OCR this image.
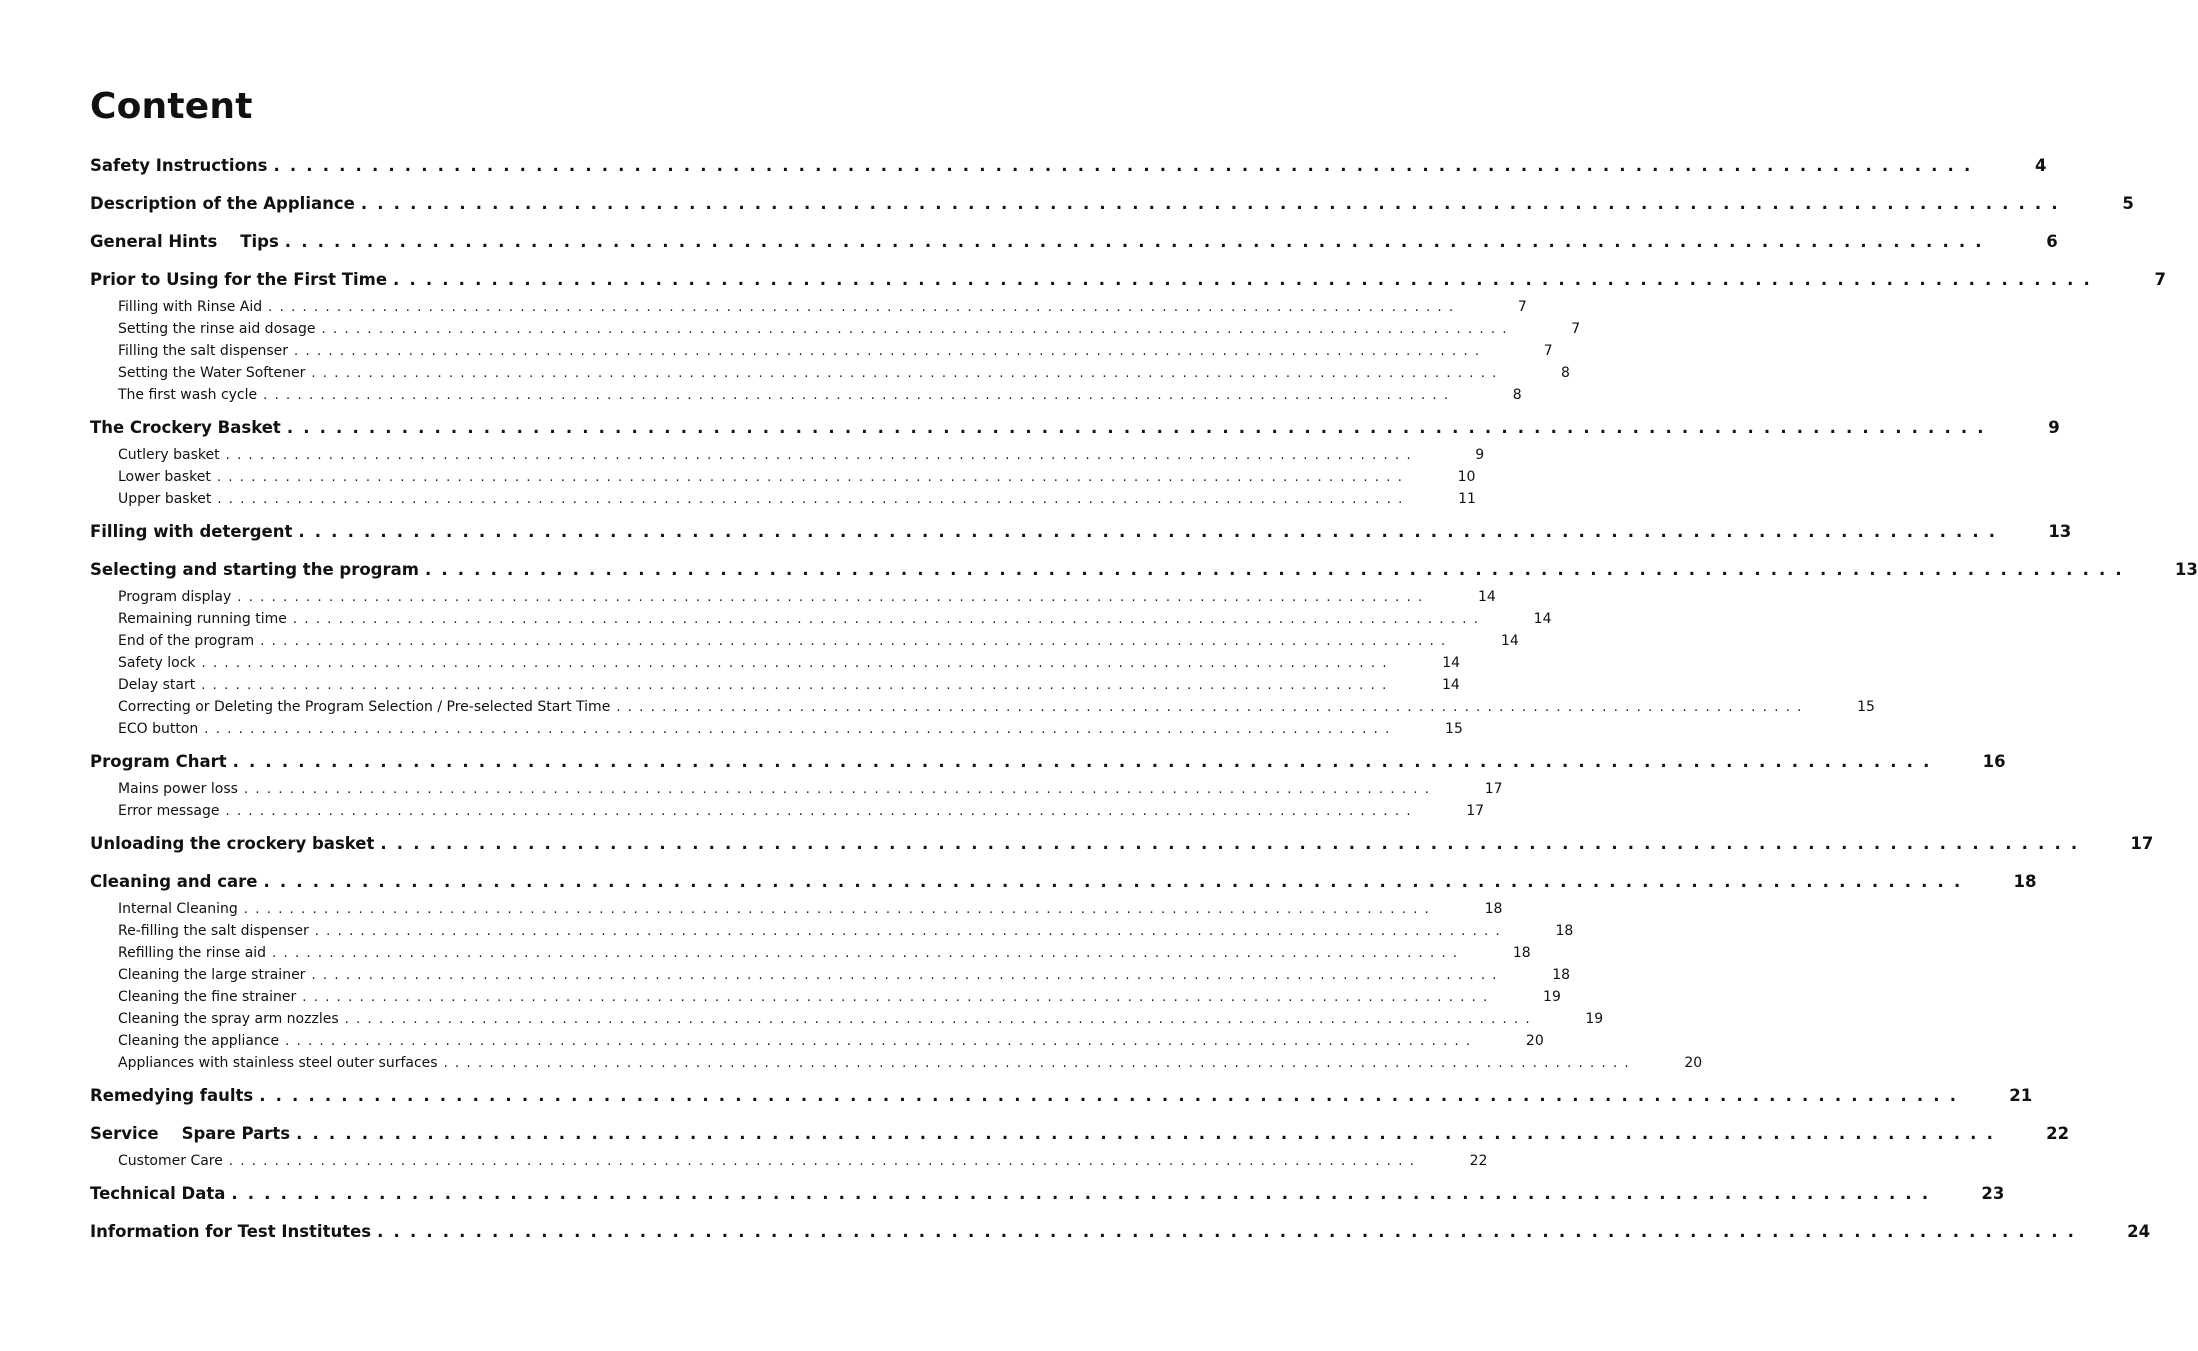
Content
Safety Instructions . . . . . . . . . . . . . . . . . . . . . . . . . . . . . . . . . . . . . . . . . . . . . . . . . . . . . . . . . . . . . . . . . . . . . . . . . . . . . . . . . . . . . . . . . . . . . . . . . . . . . . . .	4
Description of the Appliance . . . . . . . . . . . . . . . . . . . . . . . . . . . . . . . . . . . . . . . . . . . . . . . . . . . . . . . . . . . . . . . . . . . . . . . . . . . . . . . . . . . . . . . . . . . . . . . . . . . . . . . .	5
General Hints    Tips . . . . . . . . . . . . . . . . . . . . . . . . . . . . . . . . . . . . . . . . . . . . . . . . . . . . . . . . . . . . . . . . . . . . . . . . . . . . . . . . . . . . . . . . . . . . . . . . . . . . . . . .	6
Prior to Using for the First Time . . . . . . . . . . . . . . . . . . . . . . . . . . . . . . . . . . . . . . . . . . . . . . . . . . . . . . . . . . . . . . . . . . . . . . . . . . . . . . . . . . . . . . . . . . . . . . . . . . . . . . . .	7
Filling with Rinse Aid . . . . . . . . . . . . . . . . . . . . . . . . . . . . . . . . . . . . . . . . . . . . . . . . . . . . . . . . . . . . . . . . . . . . . . . . . . . . . . . . . . . . . . . . . . . . . . . . . . . . . . . .	7
Setting the rinse aid dosage . . . . . . . . . . . . . . . . . . . . . . . . . . . . . . . . . . . . . . . . . . . . . . . . . . . . . . . . . . . . . . . . . . . . . . . . . . . . . . . . . . . . . . . . . . . . . . . . . . . . . . . .	7
Filling the salt dispenser . . . . . . . . . . . . . . . . . . . . . . . . . . . . . . . . . . . . . . . . . . . . . . . . . . . . . . . . . . . . . . . . . . . . . . . . . . . . . . . . . . . . . . . . . . . . . . . . . . . . . . . .	7
Setting the Water Softener . . . . . . . . . . . . . . . . . . . . . . . . . . . . . . . . . . . . . . . . . . . . . . . . . . . . . . . . . . . . . . . . . . . . . . . . . . . . . . . . . . . . . . . . . . . . . . . . . . . . . . . .	8
The first wash cycle . . . . . . . . . . . . . . . . . . . . . . . . . . . . . . . . . . . . . . . . . . . . . . . . . . . . . . . . . . . . . . . . . . . . . . . . . . . . . . . . . . . . . . . . . . . . . . . . . . . . . . . .	8
The Crockery Basket . . . . . . . . . . . . . . . . . . . . . . . . . . . . . . . . . . . . . . . . . . . . . . . . . . . . . . . . . . . . . . . . . . . . . . . . . . . . . . . . . . . . . . . . . . . . . . . . . . . . . . . .	9
Cutlery basket . . . . . . . . . . . . . . . . . . . . . . . . . . . . . . . . . . . . . . . . . . . . . . . . . . . . . . . . . . . . . . . . . . . . . . . . . . . . . . . . . . . . . . . . . . . . . . . . . . . . . . . .	9
Lower basket . . . . . . . . . . . . . . . . . . . . . . . . . . . . . . . . . . . . . . . . . . . . . . . . . . . . . . . . . . . . . . . . . . . . . . . . . . . . . . . . . . . . . . . . . . . . . . . . . . . . . . . .	10
Upper basket . . . . . . . . . . . . . . . . . . . . . . . . . . . . . . . . . . . . . . . . . . . . . . . . . . . . . . . . . . . . . . . . . . . . . . . . . . . . . . . . . . . . . . . . . . . . . . . . . . . . . . . .	11
Filling with detergent . . . . . . . . . . . . . . . . . . . . . . . . . . . . . . . . . . . . . . . . . . . . . . . . . . . . . . . . . . . . . . . . . . . . . . . . . . . . . . . . . . . . . . . . . . . . . . . . . . . . . . . .	13
Selecting and starting the program . . . . . . . . . . . . . . . . . . . . . . . . . . . . . . . . . . . . . . . . . . . . . . . . . . . . . . . . . . . . . . . . . . . . . . . . . . . . . . . . . . . . . . . . . . . . . . . . . . . . . . . .	13
Program display . . . . . . . . . . . . . . . . . . . . . . . . . . . . . . . . . . . . . . . . . . . . . . . . . . . . . . . . . . . . . . . . . . . . . . . . . . . . . . . . . . . . . . . . . . . . . . . . . . . . . . . .	14
Remaining running time . . . . . . . . . . . . . . . . . . . . . . . . . . . . . . . . . . . . . . . . . . . . . . . . . . . . . . . . . . . . . . . . . . . . . . . . . . . . . . . . . . . . . . . . . . . . . . . . . . . . . . . .	14
End of the program . . . . . . . . . . . . . . . . . . . . . . . . . . . . . . . . . . . . . . . . . . . . . . . . . . . . . . . . . . . . . . . . . . . . . . . . . . . . . . . . . . . . . . . . . . . . . . . . . . . . . . . .	14
Safety lock . . . . . . . . . . . . . . . . . . . . . . . . . . . . . . . . . . . . . . . . . . . . . . . . . . . . . . . . . . . . . . . . . . . . . . . . . . . . . . . . . . . . . . . . . . . . . . . . . . . . . . . .	14
Delay start . . . . . . . . . . . . . . . . . . . . . . . . . . . . . . . . . . . . . . . . . . . . . . . . . . . . . . . . . . . . . . . . . . . . . . . . . . . . . . . . . . . . . . . . . . . . . . . . . . . . . . . .	14
Correcting or Deleting the Program Selection / Pre-selected Start Time . . . . . . . . . . . . . . . . . . . . . . . . . . . . . . . . . . . . . . . . . . . . . . . . . . . . . . . . . . . . . . . . . . . . . . . . . . . . . . . . . . . . . . . . . . . . . . . . . . . . . . . .	15
ECO button . . . . . . . . . . . . . . . . . . . . . . . . . . . . . . . . . . . . . . . . . . . . . . . . . . . . . . . . . . . . . . . . . . . . . . . . . . . . . . . . . . . . . . . . . . . . . . . . . . . . . . . .	15
Program Chart . . . . . . . . . . . . . . . . . . . . . . . . . . . . . . . . . . . . . . . . . . . . . . . . . . . . . . . . . . . . . . . . . . . . . . . . . . . . . . . . . . . . . . . . . . . . . . . . . . . . . . . .	16
Mains power loss . . . . . . . . . . . . . . . . . . . . . . . . . . . . . . . . . . . . . . . . . . . . . . . . . . . . . . . . . . . . . . . . . . . . . . . . . . . . . . . . . . . . . . . . . . . . . . . . . . . . . . . .	17
Error message . . . . . . . . . . . . . . . . . . . . . . . . . . . . . . . . . . . . . . . . . . . . . . . . . . . . . . . . . . . . . . . . . . . . . . . . . . . . . . . . . . . . . . . . . . . . . . . . . . . . . . . .	17
Unloading the crockery basket . . . . . . . . . . . . . . . . . . . . . . . . . . . . . . . . . . . . . . . . . . . . . . . . . . . . . . . . . . . . . . . . . . . . . . . . . . . . . . . . . . . . . . . . . . . . . . . . . . . . . . . .	17
Cleaning and care . . . . . . . . . . . . . . . . . . . . . . . . . . . . . . . . . . . . . . . . . . . . . . . . . . . . . . . . . . . . . . . . . . . . . . . . . . . . . . . . . . . . . . . . . . . . . . . . . . . . . . . .	18
Internal Cleaning . . . . . . . . . . . . . . . . . . . . . . . . . . . . . . . . . . . . . . . . . . . . . . . . . . . . . . . . . . . . . . . . . . . . . . . . . . . . . . . . . . . . . . . . . . . . . . . . . . . . . . . .	18
Re-filling the salt dispenser . . . . . . . . . . . . . . . . . . . . . . . . . . . . . . . . . . . . . . . . . . . . . . . . . . . . . . . . . . . . . . . . . . . . . . . . . . . . . . . . . . . . . . . . . . . . . . . . . . . . . . . .	18
Refilling the rinse aid . . . . . . . . . . . . . . . . . . . . . . . . . . . . . . . . . . . . . . . . . . . . . . . . . . . . . . . . . . . . . . . . . . . . . . . . . . . . . . . . . . . . . . . . . . . . . . . . . . . . . . . .	18
Cleaning the large strainer . . . . . . . . . . . . . . . . . . . . . . . . . . . . . . . . . . . . . . . . . . . . . . . . . . . . . . . . . . . . . . . . . . . . . . . . . . . . . . . . . . . . . . . . . . . . . . . . . . . . . . . .	18
Cleaning the fine strainer . . . . . . . . . . . . . . . . . . . . . . . . . . . . . . . . . . . . . . . . . . . . . . . . . . . . . . . . . . . . . . . . . . . . . . . . . . . . . . . . . . . . . . . . . . . . . . . . . . . . . . . .	19
Cleaning the spray arm nozzles . . . . . . . . . . . . . . . . . . . . . . . . . . . . . . . . . . . . . . . . . . . . . . . . . . . . . . . . . . . . . . . . . . . . . . . . . . . . . . . . . . . . . . . . . . . . . . . . . . . . . . . .	19
Cleaning the appliance . . . . . . . . . . . . . . . . . . . . . . . . . . . . . . . . . . . . . . . . . . . . . . . . . . . . . . . . . . . . . . . . . . . . . . . . . . . . . . . . . . . . . . . . . . . . . . . . . . . . . . . .	20
Appliances with stainless steel outer surfaces . . . . . . . . . . . . . . . . . . . . . . . . . . . . . . . . . . . . . . . . . . . . . . . . . . . . . . . . . . . . . . . . . . . . . . . . . . . . . . . . . . . . . . . . . . . . . . . . . . . . . . . .	20
Remedying faults . . . . . . . . . . . . . . . . . . . . . . . . . . . . . . . . . . . . . . . . . . . . . . . . . . . . . . . . . . . . . . . . . . . . . . . . . . . . . . . . . . . . . . . . . . . . . . . . . . . . . . . .	21
Service    Spare Parts . . . . . . . . . . . . . . . . . . . . . . . . . . . . . . . . . . . . . . . . . . . . . . . . . . . . . . . . . . . . . . . . . . . . . . . . . . . . . . . . . . . . . . . . . . . . . . . . . . . . . . . .	22
Customer Care . . . . . . . . . . . . . . . . . . . . . . . . . . . . . . . . . . . . . . . . . . . . . . . . . . . . . . . . . . . . . . . . . . . . . . . . . . . . . . . . . . . . . . . . . . . . . . . . . . . . . . . .	22
Technical Data . . . . . . . . . . . . . . . . . . . . . . . . . . . . . . . . . . . . . . . . . . . . . . . . . . . . . . . . . . . . . . . . . . . . . . . . . . . . . . . . . . . . . . . . . . . . . . . . . . . . . . . .	23
Information for Test Institutes . . . . . . . . . . . . . . . . . . . . . . . . . . . . . . . . . . . . . . . . . . . . . . . . . . . . . . . . . . . . . . . . . . . . . . . . . . . . . . . . . . . . . . . . . . . . . . . . . . . . . . . .	24
